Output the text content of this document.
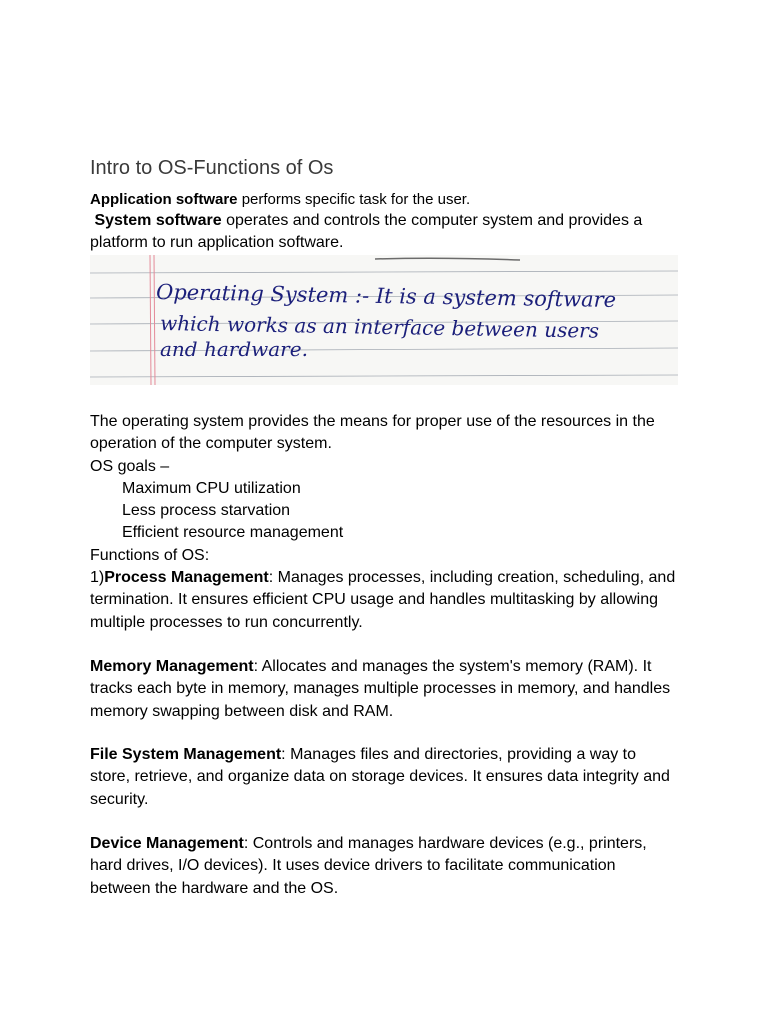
Intro to OS-Functions of Os
Application software performs specific task for the user.
System software operates and controls the computer system and provides a platform to run application software.
Operating System :- It is a system software
which works as an interface between users
and hardware.
The operating system provides the means for proper use of the resources in the operation of the computer system.
OS goals –
Maximum CPU utilization
Less process starvation
Efficient resource management
Functions of OS:
1)Process Management: Manages processes, including creation, scheduling, and termination. It ensures efficient CPU usage and handles multitasking by allowing multiple processes to run concurrently.
Memory Management: Allocates and manages the system's memory (RAM). It tracks each byte in memory, manages multiple processes in memory, and handles memory swapping between disk and RAM.
File System Management: Manages files and directories, providing a way to store, retrieve, and organize data on storage devices. It ensures data integrity and security.
Device Management: Controls and manages hardware devices (e.g., printers, hard drives, I/O devices). It uses device drivers to facilitate communication between the hardware and the OS.
